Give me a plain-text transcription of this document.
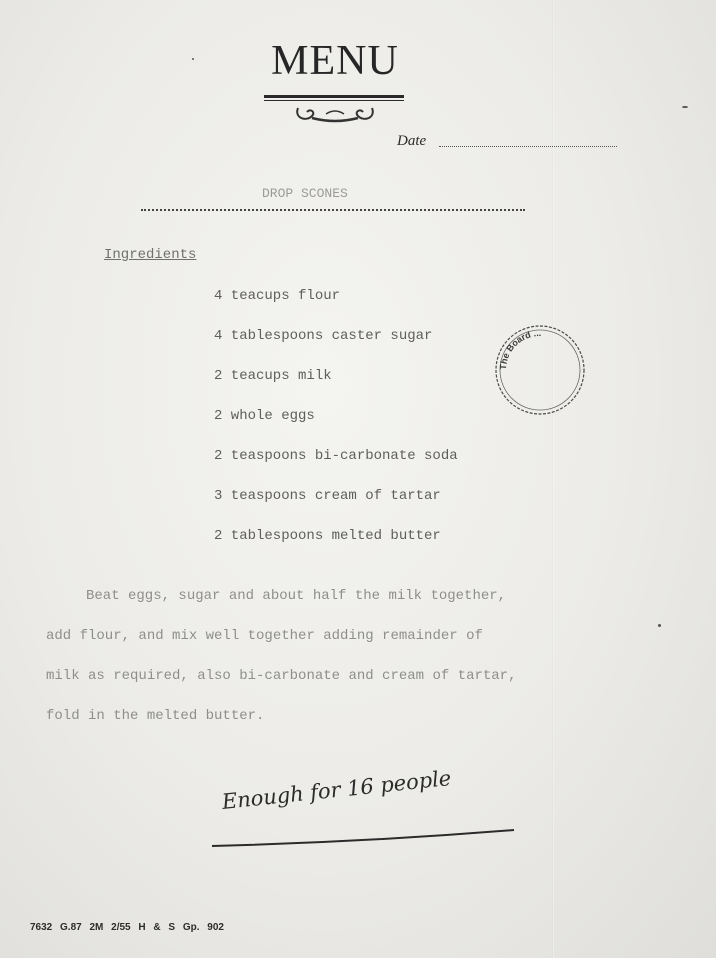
MENU
Date
DROP SCONES
Ingredients
4 teacups flour
4 tablespoons caster sugar
2 teacups milk
2 whole eggs
2 teaspoons bi-carbonate soda
3 teaspoons cream of tartar
2 tablespoons melted butter
The Board ...
Beat eggs, sugar and about half the milk together,
add flour, and mix well together adding remainder of
milk as required, also bi-carbonate and cream of tartar,
fold in the melted butter.
Enough for 16 people
7632 G.87 2M 2/55 H & S Gp. 902
